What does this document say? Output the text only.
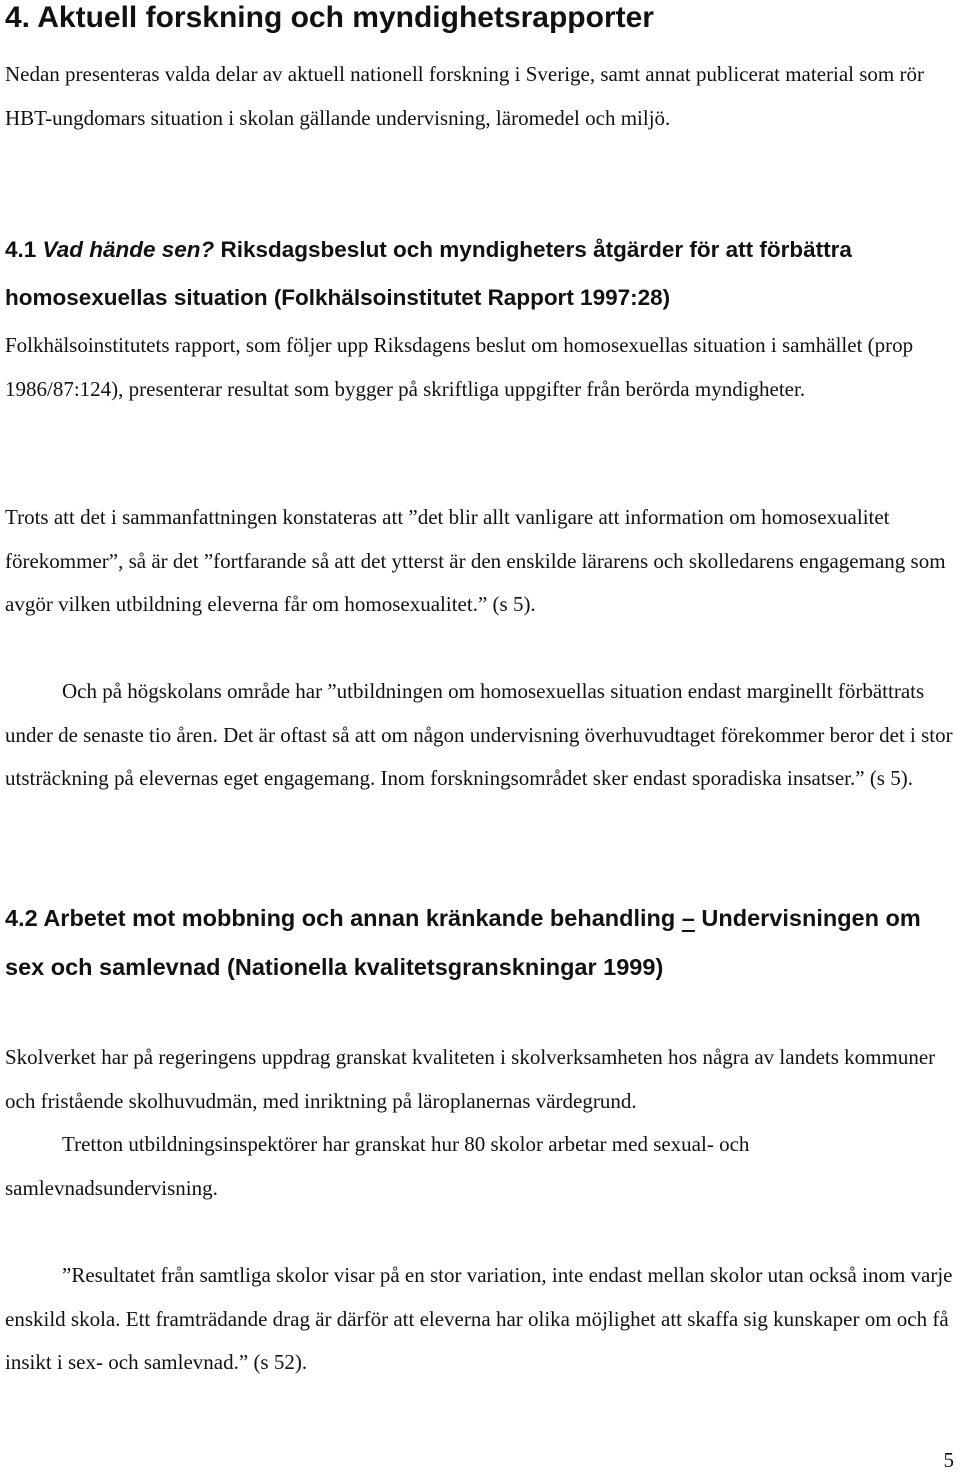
4. Aktuell forskning och myndighetsrapporter

Nedan presenteras valda delar av aktuell nationell forskning i Sverige, samt annat publicerat material som rör HBT-ungdomars situation i skolan gällande undervisning, läromedel och miljö.

4.1 Vad hände sen? Riksdagsbeslut och myndigheters åtgärder för att förbättra homosexuellas situation (Folkhälsoinstitutet Rapport 1997:28)

Folkhälsoinstitutets rapport, som följer upp Riksdagens beslut om homosexuellas situation i samhället (prop 1986/87:124), presenterar resultat som bygger på skriftliga uppgifter från berörda myndigheter.

Trots att det i sammanfattningen konstateras att ”det blir allt vanligare att information om homosexualitet förekommer”, så är det ”fortfarande så att det ytterst är den enskilde lärarens och skolledarens engagemang som avgör vilken utbildning eleverna får om homosexualitet.” (s 5).

Och på högskolans område har ”utbildningen om homosexuellas situation endast marginellt förbättrats under de senaste tio åren. Det är oftast så att om någon undervisning överhuvudtaget förekommer beror det i stor utsträckning på elevernas eget engagemang. Inom forskningsområdet sker endast sporadiska insatser.” (s 5).

4.2 Arbetet mot mobbning och annan kränkande behandling – Undervisningen om sex och samlevnad (Nationella kvalitetsgranskningar 1999)

Skolverket har på regeringens uppdrag granskat kvaliteten i skolverksamheten hos några av landets kommuner och fristående skolhuvudmän, med inriktning på läroplanernas värdegrund.

Tretton utbildningsinspektörer har granskat hur 80 skolor arbetar med sexual- och samlevnadsundervisning.

”Resultatet från samtliga skolor visar på en stor variation, inte endast mellan skolor utan också inom varje enskild skola. Ett framträdande drag är därför att eleverna har olika möjlighet att skaffa sig kunskaper om och få insikt i sex- och samlevnad.” (s 52).

5
